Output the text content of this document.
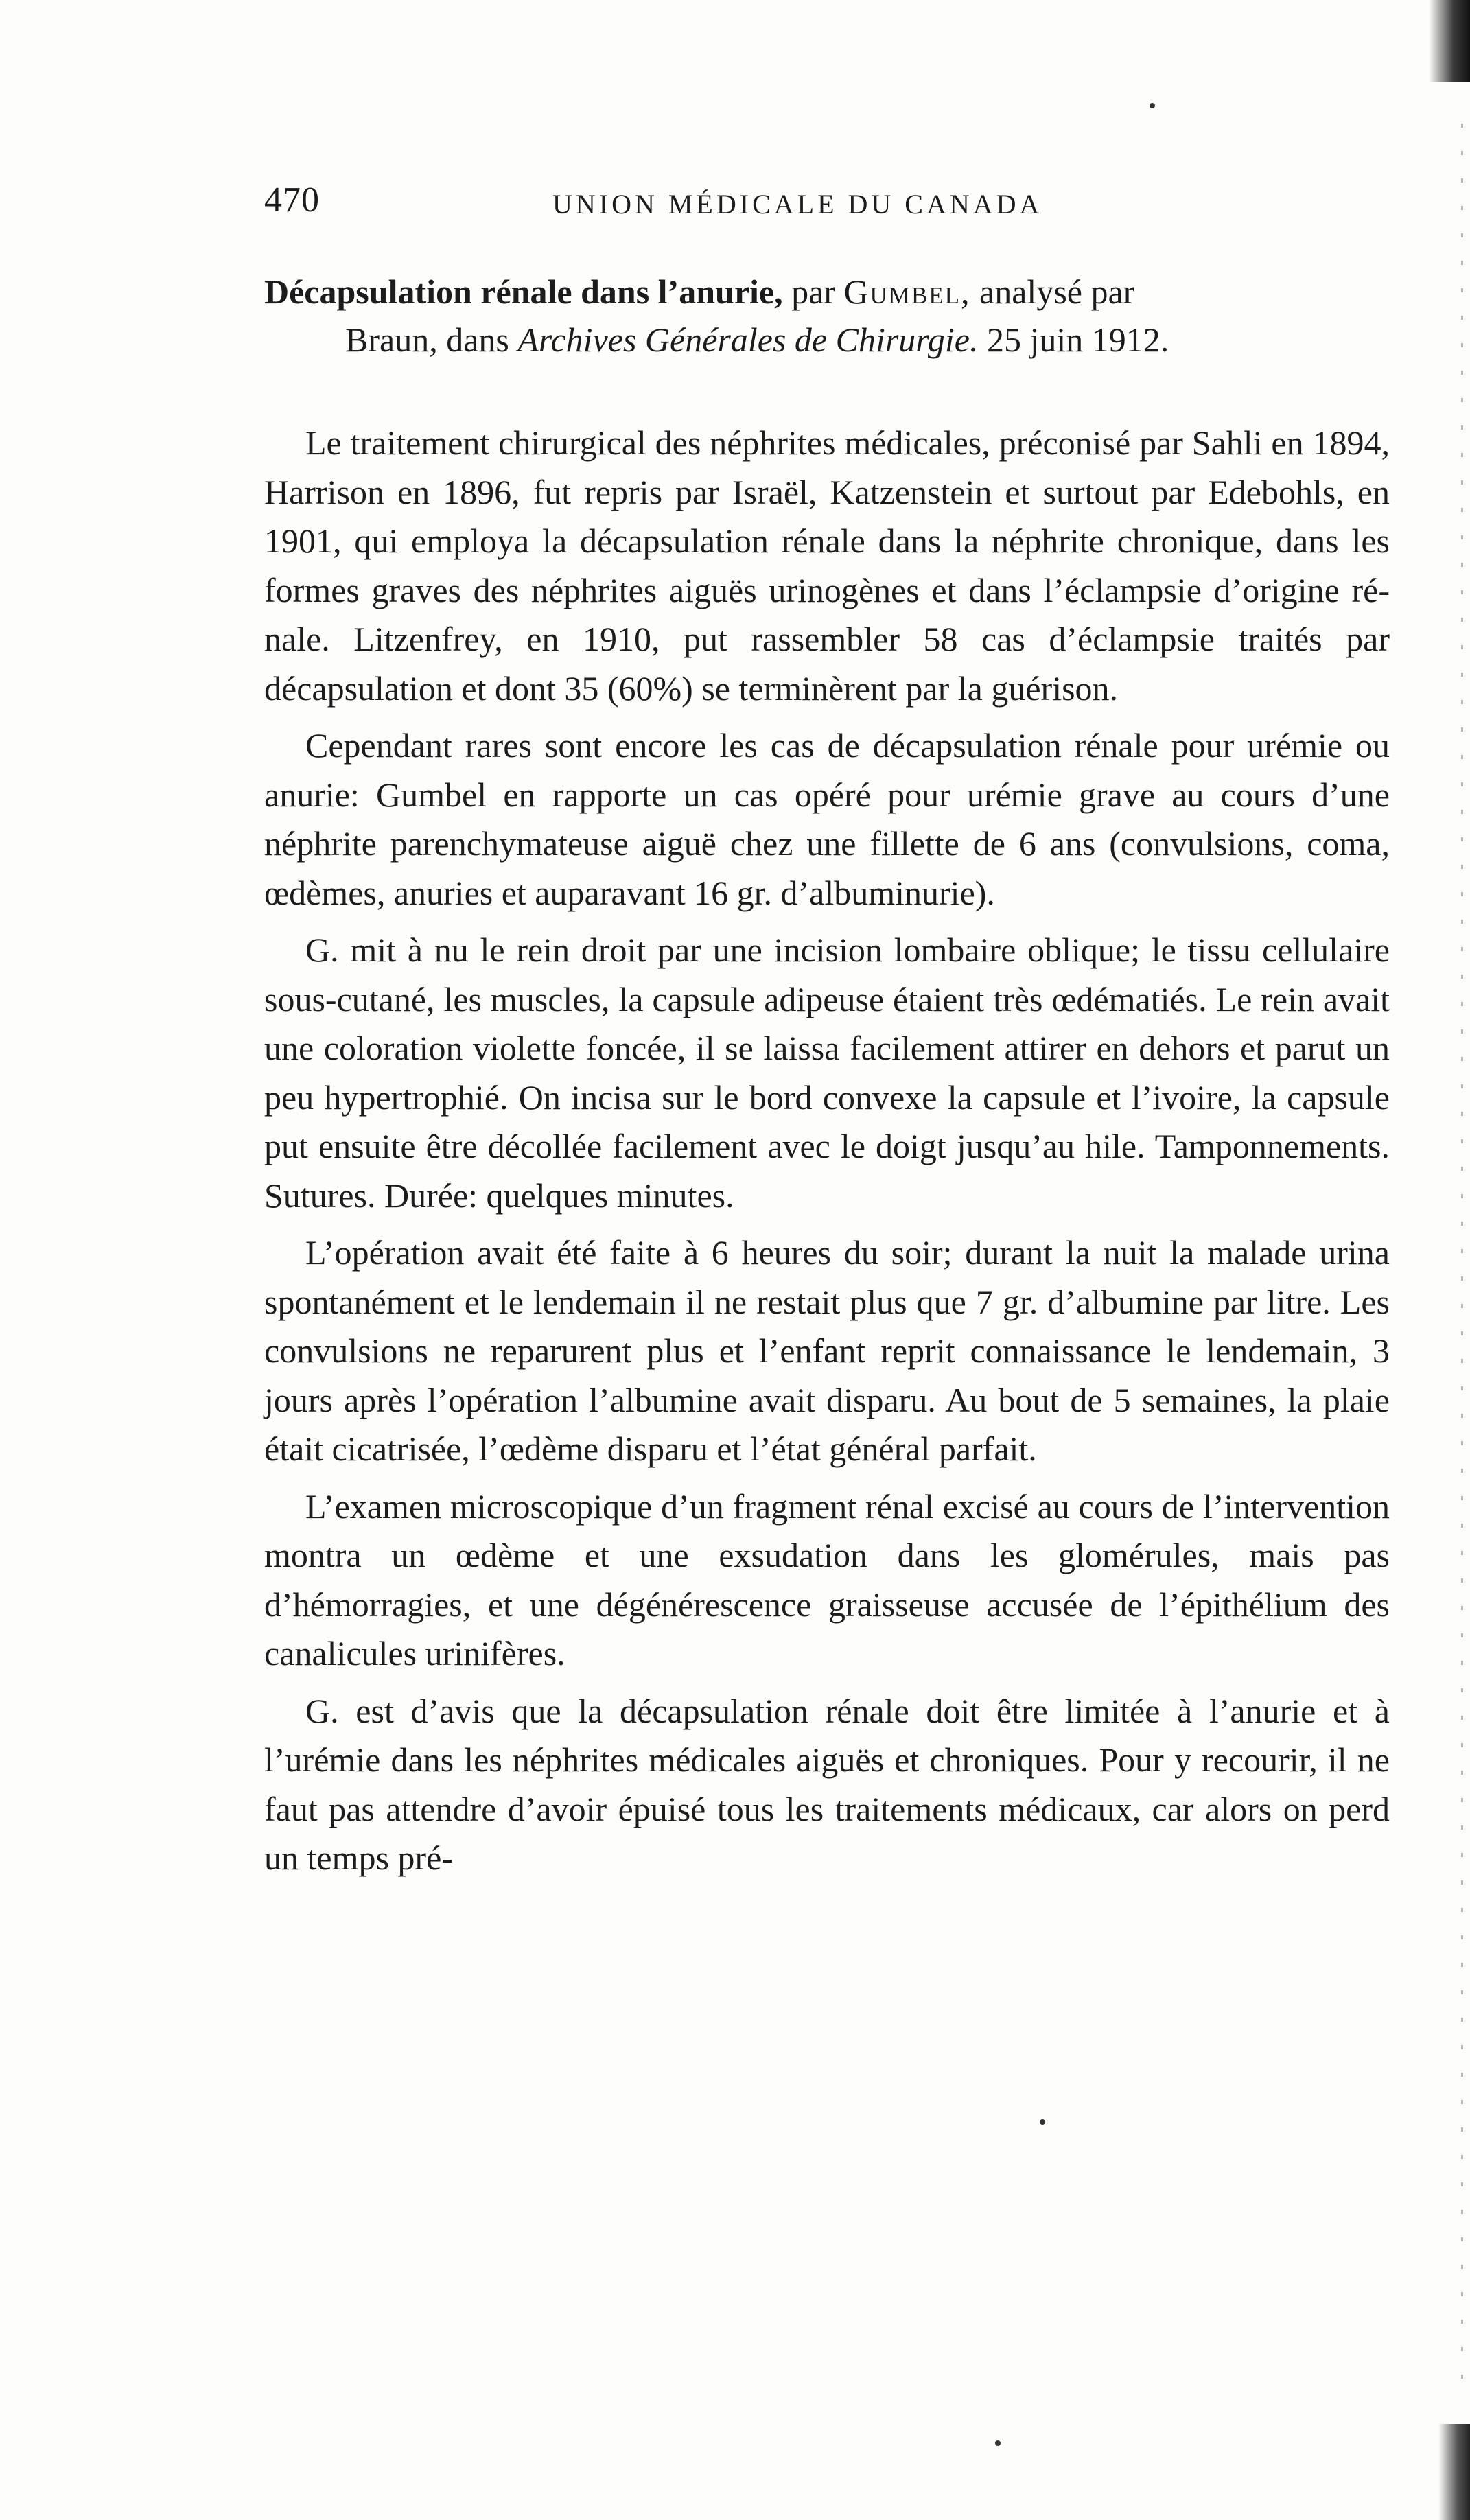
470	UNION MÉDICALE DU CANADA
Décapsulation rénale dans l’anurie, par Gumbel, analysé par
Braun, dans Archives Générales de Chirurgie. 25 juin 1912.

Le traitement chirurgical des néphrites médicales, préconisé par Sahli en 1894, Harrison en 1896, fut repris par Israël, Katzenstein et surtout par Edebohls, en 1901, qui employa la décapsulation rénale dans la néphrite chronique, dans les formes graves des néphrites aiguës urinogènes et dans l’éclampsie d’origine rénale. Litzenfrey, en 1910, put rassembler 58 cas d’éclampsie traités par décapsulation et dont 35 (60%) se terminèrent par la guérison.

Cependant rares sont encore les cas de décapsulation rénale pour urémie ou anurie: Gumbel en rapporte un cas opéré pour urémie grave au cours d’une néphrite parenchymateuse aiguë chez une fillette de 6 ans (convulsions, coma, œdèmes, anuries et auparavant 16 gr. d’albuminurie).

G. mit à nu le rein droit par une incision lombaire oblique; le tissu cellulaire sous-cutané, les muscles, la capsule adipeuse étaient très œdématiés. Le rein avait une coloration violette foncée, il se laissa facilement attirer en dehors et parut un peu hypertrophié. On incisa sur le bord convexe la capsule et l’ivoire, la capsule put ensuite être décollée facilement avec le doigt jusqu’au hile. Tamponnements. Sutures. Durée: quelques minutes.

L’opération avait été faite à 6 heures du soir; durant la nuit la malade urina spontanément et le lendemain il ne restait plus que 7 gr. d’albumine par litre. Les convulsions ne reparurent plus et l’enfant reprit connaissance le lendemain, 3 jours après l’opération l’albumine avait disparu. Au bout de 5 semaines, la plaie était cicatrisée, l’œdème disparu et l’état général parfait.

L’examen microscopique d’un fragment rénal excisé au cours de l’intervention montra un œdème et une exsudation dans les glomérules, mais pas d’hémorragies, et une dégénérescence graisseuse accusée de l’épithélium des canalicules urinifères.

G. est d’avis que la décapsulation rénale doit être limitée à l’anurie et à l’urémie dans les néphrites médicales aiguës et chroniques. Pour y recourir, il ne faut pas attendre d’avoir épuisé tous les traitements médicaux, car alors on perd un temps pré-
